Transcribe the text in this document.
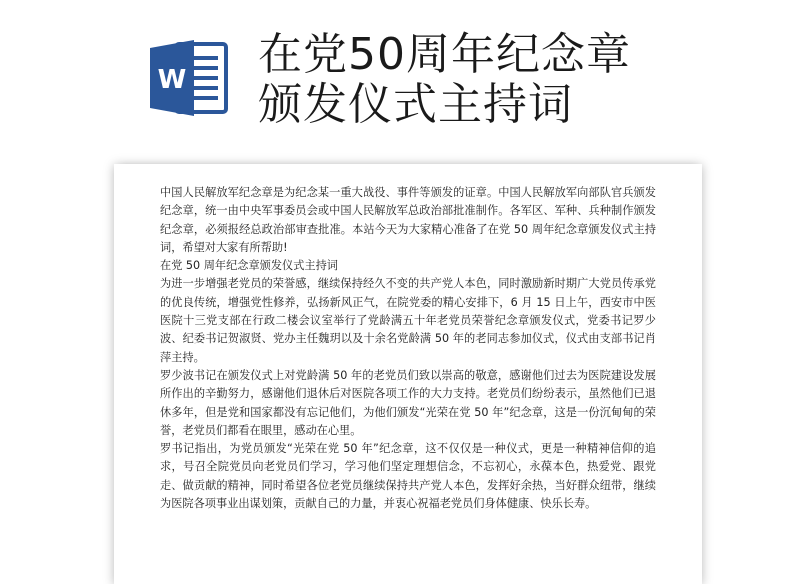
W 在党50周年纪念章
颁发仪式主持词

中国人民解放军纪念章是为纪念某一重大战役、事件等颁发的证章。中国人民解放军向部队官兵颁发纪念章，统一由中央军事委员会或中国人民解放军总政治部批准制作。各军区、军种、兵种制作颁发纪念章，必须报经总政治部审查批准。本站今天为大家精心准备了在党 50 周年纪念章颁发仪式主持词，希望对大家有所帮助!

在党 50 周年纪念章颁发仪式主持词

为进一步增强老党员的荣誉感，继续保持经久不变的共产党人本色，同时激励新时期广大党员传承党的优良传统，增强党性修养，弘扬新风正气，在院党委的精心安排下，6 月 15 日上午，西安市中医医院十三党支部在行政二楼会议室举行了党龄满五十年老党员荣誉纪念章颁发仪式，党委书记罗少波、纪委书记贺淑贤、党办主任魏玥以及十余名党龄满 50 年的老同志参加仪式，仪式由支部书记肖萍主持。

罗少波书记在颁发仪式上对党龄满 50 年的老党员们致以崇高的敬意，感谢他们过去为医院建设发展所作出的辛勤努力，感谢他们退休后对医院各项工作的大力支持。老党员们纷纷表示，虽然他们已退休多年，但是党和国家都没有忘记他们，为他们颁发“光荣在党 50 年”纪念章，这是一份沉甸甸的荣誉，老党员们都看在眼里，感动在心里。

罗书记指出，为党员颁发“光荣在党 50 年”纪念章，这不仅仅是一种仪式，更是一种精神信仰的追求，号召全院党员向老党员们学习，学习他们坚定理想信念，不忘初心，永葆本色，热爱党、跟党走、做贡献的精神，同时希望各位老党员继续保持共产党人本色，发挥好余热，当好群众纽带，继续为医院各项事业出谋划策，贡献自己的力量，并衷心祝福老党员们身体健康、快乐长寿。
